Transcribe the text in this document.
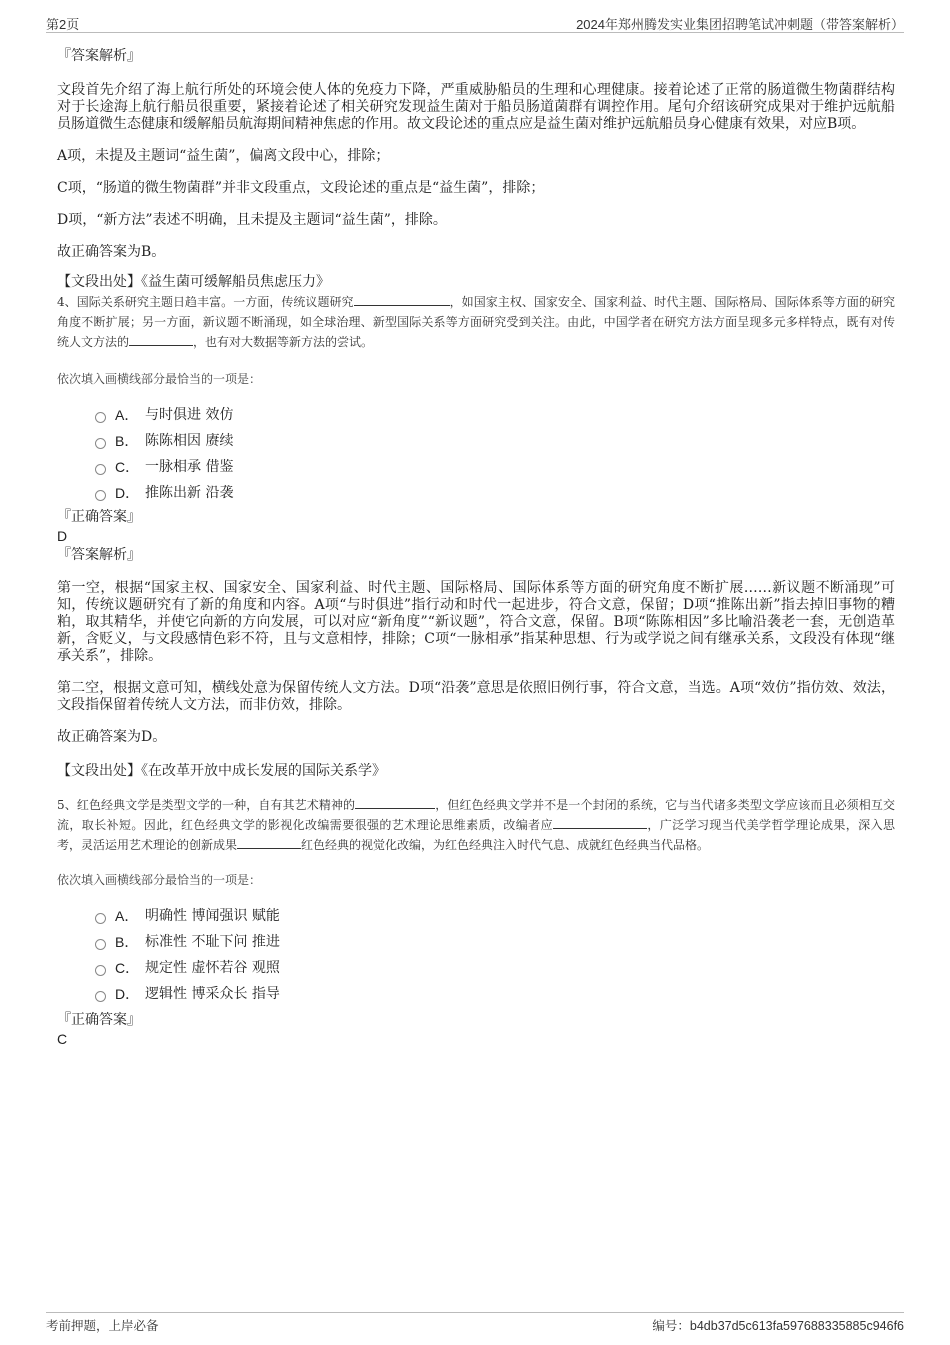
第2页	2024年郑州腾发实业集团招聘笔试冲刺题（带答案解析）

『答案解析』

文段首先介绍了海上航行所处的环境会使人体的免疫力下降，严重威胁船员的生理和心理健康。接着论述了正常的肠道微生物菌群结构对于长途海上航行船员很重要，紧接着论述了相关研究发现益生菌对于船员肠道菌群有调控作用。尾句介绍该研究成果对于维护远航船员肠道微生态健康和缓解船员航海期间精神焦虑的作用。故文段论述的重点应是益生菌对维护远航船员身心健康有效果，对应B项。

A项，未提及主题词“益生菌”，偏离文段中心，排除；

C项，“肠道的微生物菌群”并非文段重点，文段论述的重点是“益生菌”，排除；

D项，“新方法”表述不明确，且未提及主题词“益生菌”，排除。

故正确答案为B。

【文段出处】《益生菌可缓解船员焦虑压力》

4、国际关系研究主题日趋丰富。一方面，传统议题研究	，如国家主权、国家安全、国家利益、时代主题、国际格局、国际体系等方面的研究角度不断扩展；另一方面，新议题不断涌现，如全球治理、新型国际关系等方面研究受到关注。由此，中国学者在研究方法方面呈现多元多样特点，既有对传统人文方法的	，也有对大数据等新方法的尝试。

依次填入画横线部分最恰当的一项是：

A． 与时俱进 效仿
B． 陈陈相因 赓续
C． 一脉相承 借鉴
D． 推陈出新 沿袭

『正确答案』

D

『答案解析』

第一空，根据“国家主权、国家安全、国家利益、时代主题、国际格局、国际体系等方面的研究角度不断扩展……新议题不断涌现”可知，传统议题研究有了新的角度和内容。A项“与时俱进”指行动和时代一起进步，符合文意，保留；D项“推陈出新”指去掉旧事物的糟粕，取其精华，并使它向新的方向发展，可以对应“新角度”“新议题”，符合文意，保留。B项“陈陈相因”多比喻沿袭老一套，无创造革新，含贬义，与文段感情色彩不符，且与文意相悖，排除；C项“一脉相承”指某种思想、行为或学说之间有继承关系，文段没有体现“继承关系”，排除。

第二空，根据文意可知，横线处意为保留传统人文方法。D项“沿袭”意思是依照旧例行事，符合文意，当选。A项“效仿”指仿效、效法，文段指保留着传统人文方法，而非仿效，排除。

故正确答案为D。

【文段出处】《在改革开放中成长发展的国际关系学》

5、红色经典文学是类型文学的一种，自有其艺术精神的	，但红色经典文学并不是一个封闭的系统，它与当代诸多类型文学应该而且必须相互交流，取长补短。因此，红色经典文学的影视化改编需要很强的艺术理论思维素质，改编者应	，广泛学习现当代美学哲学理论成果，深入思考，灵活运用艺术理论的创新成果	红色经典的视觉化改编，为红色经典注入时代气息、成就红色经典当代品格。

依次填入画横线部分最恰当的一项是：

A． 明确性 博闻强识 赋能
B． 标准性 不耻下问 推进
C． 规定性 虚怀若谷 观照
D． 逻辑性 博采众长 指导

『正确答案』

C

考前押题，上岸必备	编号：b4db37d5c613fa597688335885c946f6
